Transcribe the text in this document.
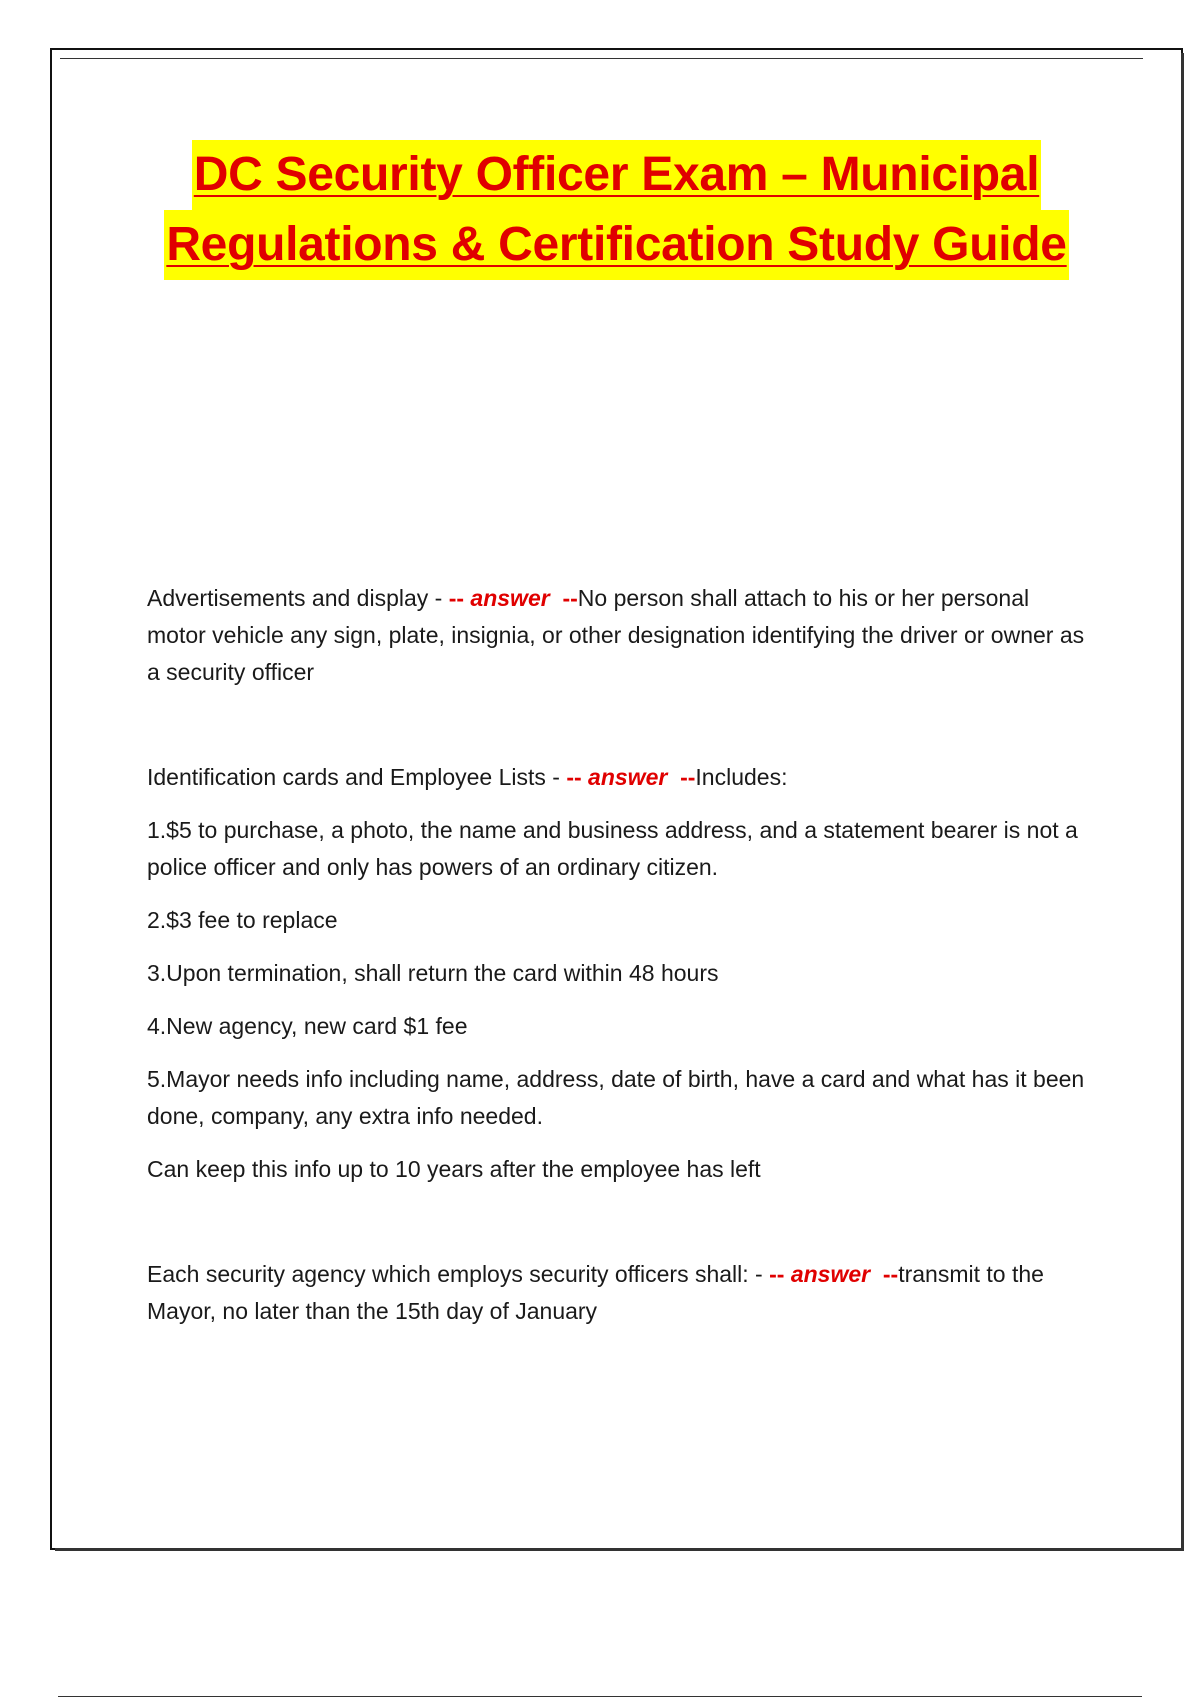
DC Security Officer Exam – Municipal
Regulations & Certification Study Guide

Advertisements and display - -- answer --No person shall attach to his or her personal motor vehicle any sign, plate, insignia, or other designation identifying the driver or owner as a security officer

Identification cards and Employee Lists - -- answer --Includes:

1.$5 to purchase, a photo, the name and business address, and a statement bearer is not a police officer and only has powers of an ordinary citizen.

2.$3 fee to replace

3.Upon termination, shall return the card within 48 hours

4.New agency, new card $1 fee

5.Mayor needs info including name, address, date of birth, have a card and what has it been done, company, any extra info needed.

Can keep this info up to 10 years after the employee has left

Each security agency which employs security officers shall: - -- answer --transmit to the Mayor, no later than the 15th day of January
